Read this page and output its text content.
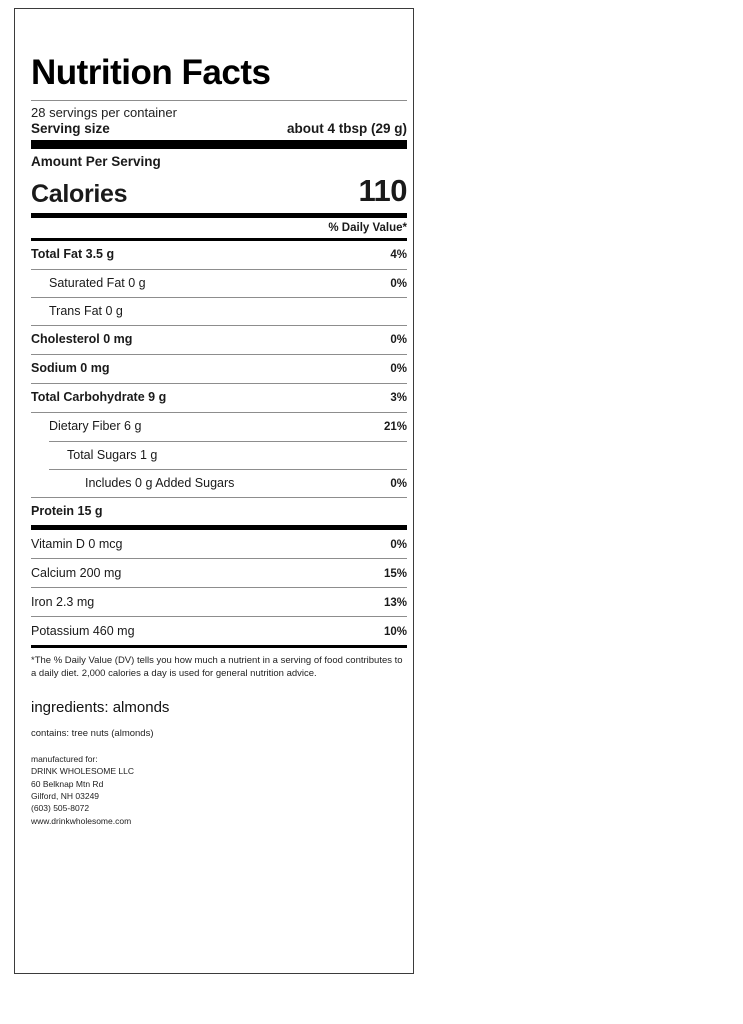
Nutrition Facts
28 servings per container
Serving size	about 4 tbsp (29 g)
Amount Per Serving
Calories	110
% Daily Value*
Total Fat 3.5 g	4%
Saturated Fat 0 g	0%
Trans Fat 0 g
Cholesterol 0 mg	0%
Sodium 0 mg	0%
Total Carbohydrate 9 g	3%
Dietary Fiber 6 g	21%
Total Sugars 1 g
Includes 0 g Added Sugars	0%
Protein 15 g
Vitamin D 0 mcg	0%
Calcium 200 mg	15%
Iron 2.3 mg	13%
Potassium 460 mg	10%
*The % Daily Value (DV) tells you how much a nutrient in a serving of food contributes to a daily diet. 2,000 calories a day is used for general nutrition advice.
ingredients: almonds
contains: tree nuts (almonds)
manufactured for:
DRINK WHOLESOME LLC
60 Belknap Mtn Rd
Gilford, NH 03249
(603) 505-8072
www.drinkwholesome.com
